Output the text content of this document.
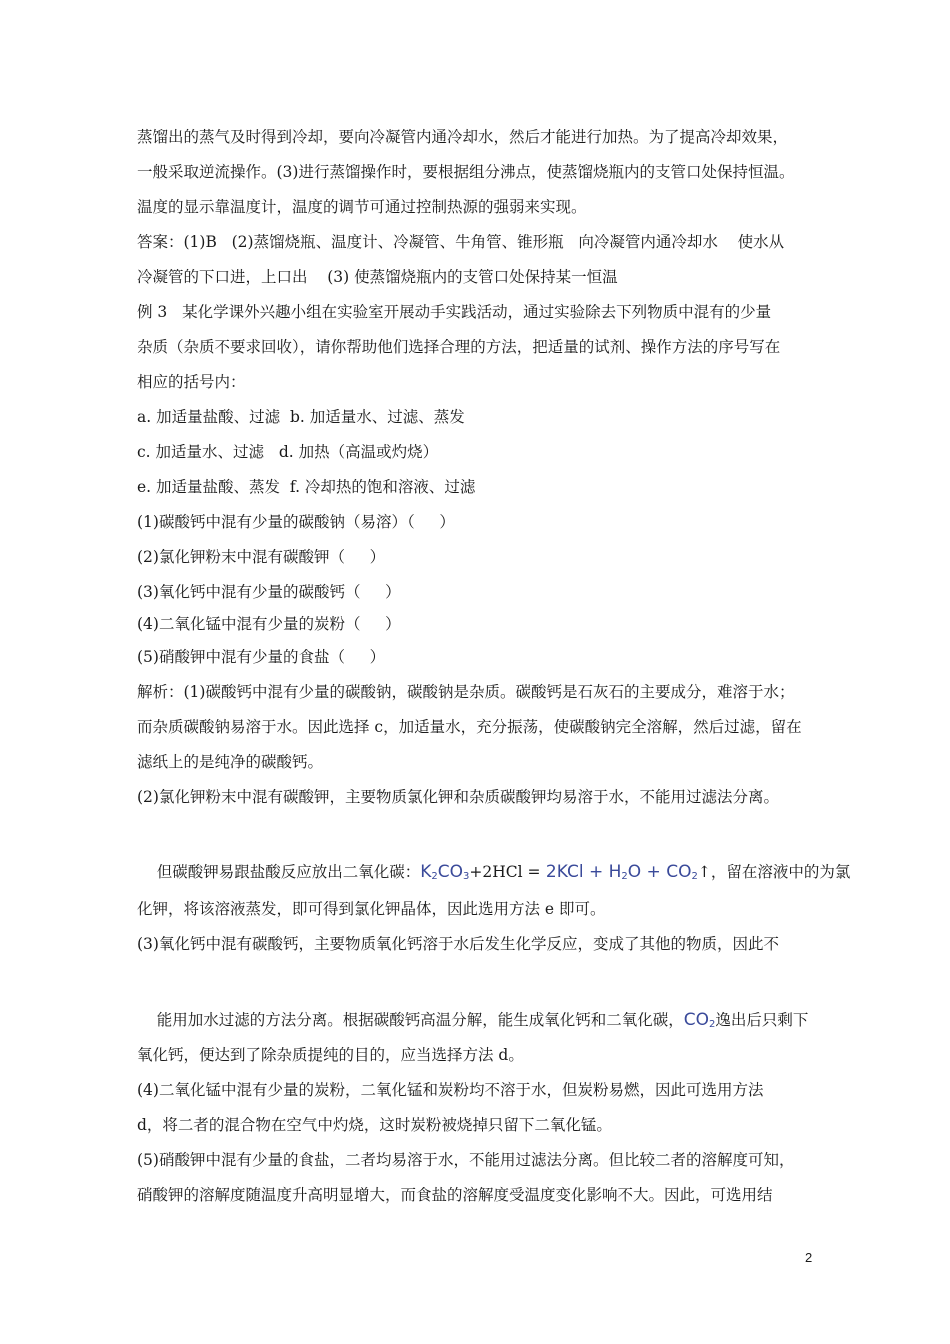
蒸馏出的蒸气及时得到冷却，要向冷凝管内通冷却水，然后才能进行加热。为了提高冷却效果，
一般采取逆流操作。(3)进行蒸馏操作时，要根据组分沸点，使蒸馏烧瓶内的支管口处保持恒温。
温度的显示靠温度计，温度的调节可通过控制热源的强弱来实现。
答案：(1)B   (2)蒸馏烧瓶、温度计、冷凝管、牛角管、锥形瓶   向冷凝管内通冷却水    使水从
冷凝管的下口进，上口出    (3) 使蒸馏烧瓶内的支管口处保持某一恒温
例 3   某化学课外兴趣小组在实验室开展动手实践活动，通过实验除去下列物质中混有的少量
杂质（杂质不要求回收），请你帮助他们选择合理的方法，把适量的试剂、操作方法的序号写在
相应的括号内：
a. 加适量盐酸、过滤  b. 加适量水、过滤、蒸发
c. 加适量水、过滤   d. 加热（高温或灼烧）
e. 加适量盐酸、蒸发  f. 冷却热的饱和溶液、过滤
(1)碳酸钙中混有少量的碳酸钠（易溶）（     ）
(2)氯化钾粉末中混有碳酸钾（     ）
(3)氧化钙中混有少量的碳酸钙（     ）
(4)二氧化锰中混有少量的炭粉（     ）
(5)硝酸钾中混有少量的食盐（     ）
解析：(1)碳酸钙中混有少量的碳酸钠，碳酸钠是杂质。碳酸钙是石灰石的主要成分，难溶于水；
而杂质碳酸钠易溶于水。因此选择 c，加适量水，充分振荡，使碳酸钠完全溶解，然后过滤，留在
滤纸上的是纯净的碳酸钙。
(2)氯化钾粉末中混有碳酸钾，主要物质氯化钾和杂质碳酸钾均易溶于水，不能用过滤法分离。

但碳酸钾易跟盐酸反应放出二氧化碳：$K_2CO_3+2HCl = 2KCl + H_2O$ + $CO_2↑$，留在溶液中的为氯

化钾，将该溶液蒸发，即可得到氯化钾晶体，因此选用方法 e 即可。
(3)氧化钙中混有碳酸钙，主要物质氧化钙溶于水后发生化学反应，变成了其他的物质，因此不

能用加水过滤的方法分离。根据碳酸钙高温分解，能生成氧化钙和二氧化碳，$CO_2$逸出后只剩下

氧化钙，便达到了除杂质提纯的目的，应当选择方法 d。
(4)二氧化锰中混有少量的炭粉，二氧化锰和炭粉均不溶于水，但炭粉易燃，因此可选用方法
d，将二者的混合物在空气中灼烧，这时炭粉被烧掉只留下二氧化锰。
(5)硝酸钾中混有少量的食盐，二者均易溶于水，不能用过滤法分离。但比较二者的溶解度可知，
硝酸钾的溶解度随温度升高明显增大，而食盐的溶解度受温度变化影响不大。因此，可选用结
2
